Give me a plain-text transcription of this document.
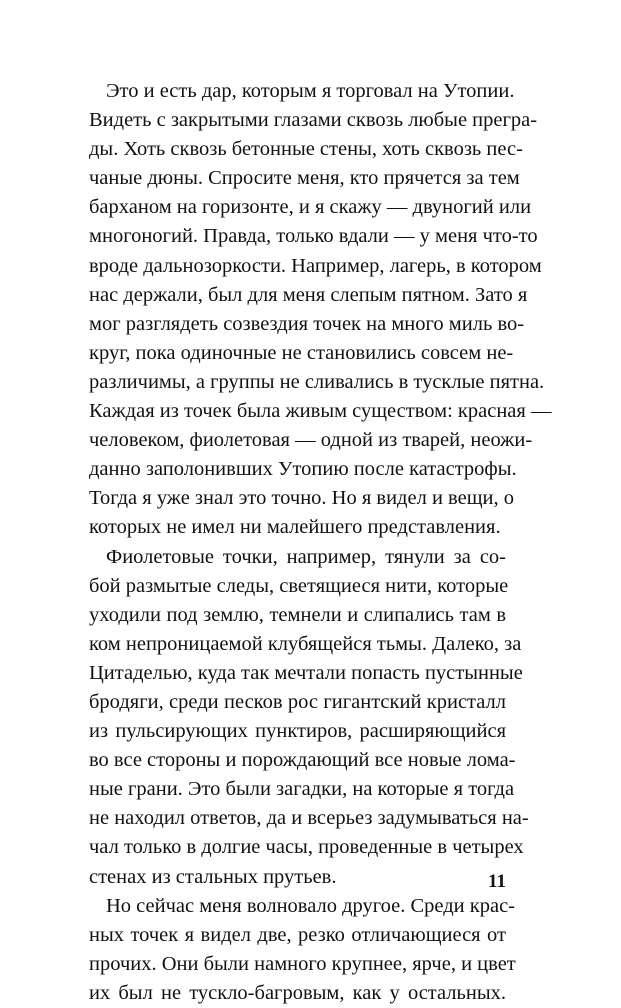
Это и есть дар, которым я торговал на Утопии.
Видеть с закрытыми глазами сквозь любые прегра-
ды. Хоть сквозь бетонные стены, хоть сквозь пес-
чаные дюны. Спросите меня, кто прячется за тем
барханом на горизонте, и я скажу — двуногий или
многоногий. Правда, только вдали — у меня что-то
вроде дальнозоркости. Например, лагерь, в котором
нас держали, был для меня слепым пятном. Зато я
мог разглядеть созвездия точек на много миль во-
круг, пока одиночные не становились совсем не-
различимы, а группы не сливались в тусклые пятна.
Каждая из точек была живым существом: красная —
человеком, фиолетовая — одной из тварей, неожи-
данно заполонивших Утопию после катастрофы.
Тогда я уже знал это точно. Но я видел и вещи, о
которых не имел ни малейшего представления.
Фиолетовые точки, например, тянули за со-
бой размытые следы, светящиеся нити, которые
уходили под землю, темнели и слипались там в
ком непроницаемой клубящейся тьмы. Далеко, за
Цитаделью, куда так мечтали попасть пустынные
бродяги, среди песков рос гигантский кристалл
из пульсирующих пунктиров, расширяющийся
во все стороны и порождающий все новые лома-
ные грани. Это были загадки, на которые я тогда
не находил ответов, да и всерьез задумываться на-
чал только в долгие часы, проведенные в четырех
стенах из стальных прутьев.
Но сейчас меня волновало другое. Среди крас-
ных точек я видел две, резко отличающиеся от
прочих. Они были намного крупнее, ярче, и цвет
их был не тускло-багровым, как у остальных.
11
